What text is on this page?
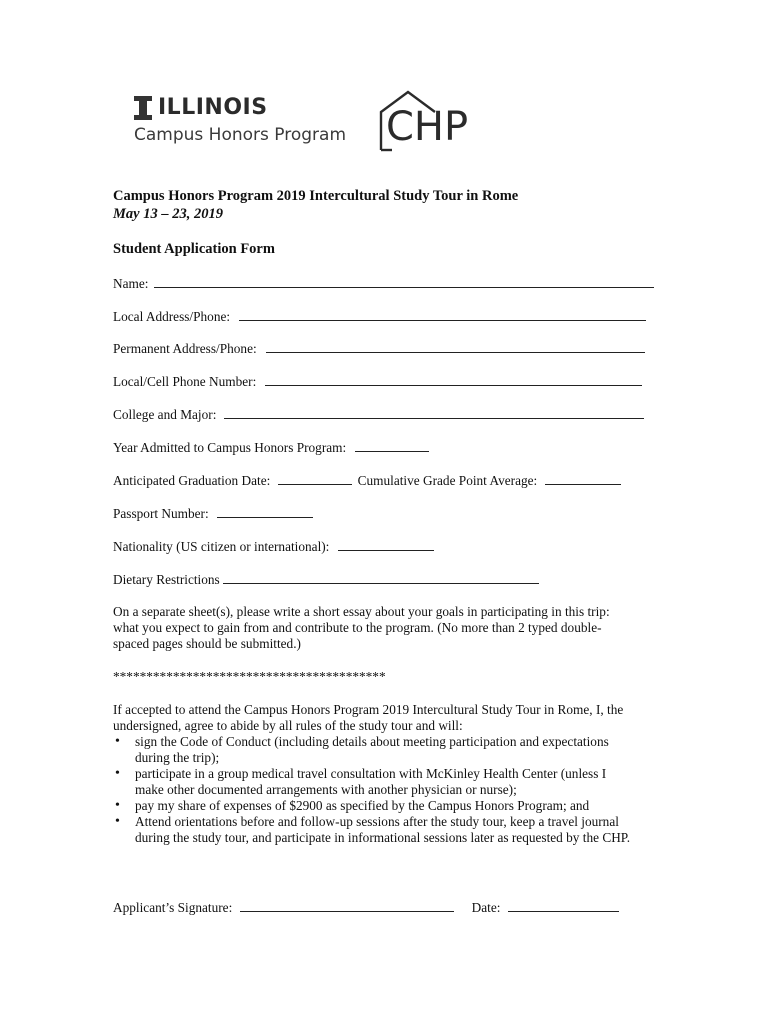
ILLINOIS
Campus Honors Program CHP
Campus Honors Program 2019 Intercultural Study Tour in Rome
May 13 – 23, 2019
Student Application Form
Name:
Local Address/Phone:
Permanent Address/Phone:
Local/Cell Phone Number:
College and Major:
Year Admitted to Campus Honors Program:
Anticipated Graduation Date:	Cumulative Grade Point Average:
Passport Number:
Nationality (US citizen or international):
Dietary Restrictions
On a separate sheet(s), please write a short essay about your goals in participating in this trip:
what you expect to gain from and contribute to the program. (No more than 2 typed double-
spaced pages should be submitted.)
*****************************************
If accepted to attend the Campus Honors Program 2019 Intercultural Study Tour in Rome, I, the
undersigned, agree to abide by all rules of the study tour and will:
• sign the Code of Conduct (including details about meeting participation and expectations
during the trip);
• participate in a group medical travel consultation with McKinley Health Center (unless I
make other documented arrangements with another physician or nurse);
• pay my share of expenses of $2900 as specified by the Campus Honors Program; and
• Attend orientations before and follow-up sessions after the study tour, keep a travel journal
during the study tour, and participate in informational sessions later as requested by the CHP.
Applicant’s Signature:	Date:
